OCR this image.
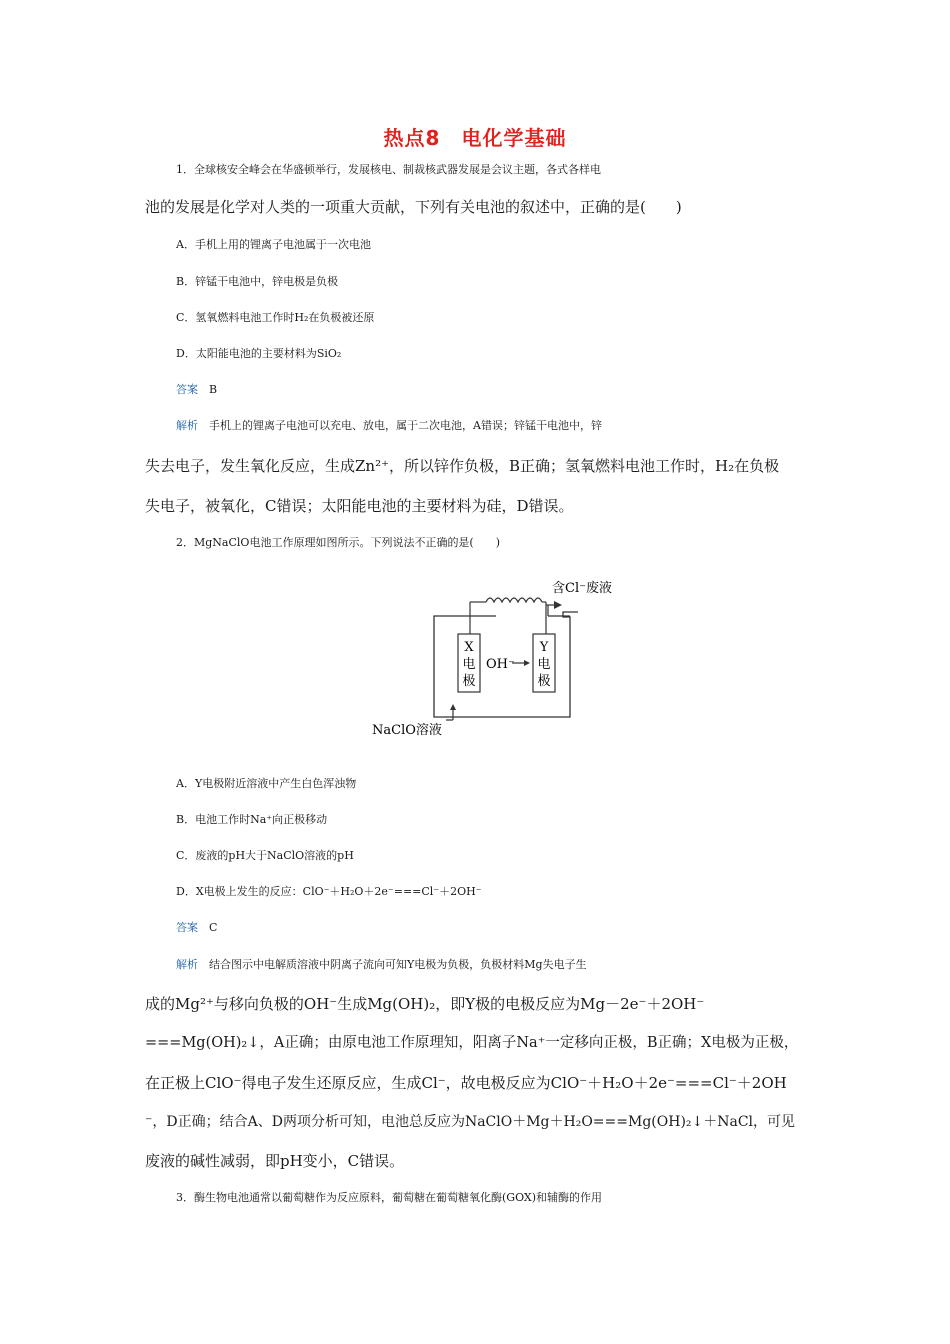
热点8　电化学基础
1．全球核安全峰会在华盛顿举行，发展核电、制裁核武器发展是会议主题，各式各样电
池的发展是化学对人类的一项重大贡献，下列有关电池的叙述中，正确的是(　　)
A．手机上用的锂离子电池属于一次电池
B．锌锰干电池中，锌电极是负极
C．氢氧燃料电池工作时H₂在负极被还原
D．太阳能电池的主要材料为SiO₂
答案　 B
解析　 手机上的锂离子电池可以充电、放电，属于二次电池，A错误；锌锰干电池中，锌
失去电子，发生氧化反应，生成Zn²⁺，所以锌作负极，B正确；氢氧燃料电池工作时，H₂在负极
失电子，被氧化，C错误；太阳能电池的主要材料为硅，D错误。
2．MgNaClO电池工作原理如图所示。下列说法不正确的是(　　)
X
电
极
Y
电
极
OH⁻
NaClO溶液
含Cl⁻废液
A．Y电极附近溶液中产生白色浑浊物
B．电池工作时Na⁺向正极移动
C．废液的pH大于NaClO溶液的pH
D．X电极上发生的反应：ClO⁻＋H₂O＋2e⁻===Cl⁻＋2OH⁻
答案　 C
解析　 结合图示中电解质溶液中阴离子流向可知Y电极为负极，负极材料Mg失电子生
成的Mg²⁺与移向负极的OH⁻生成Mg(OH)₂，即Y极的电极反应为Mg－2e⁻＋2OH⁻
===Mg(OH)₂↓，A正确；由原电池工作原理知，阳离子Na⁺一定移向正极，B正确；X电极为正极，
在正极上ClO⁻得电子发生还原反应，生成Cl⁻，故电极反应为ClO⁻＋H₂O＋2e⁻===Cl⁻＋2OH
⁻，D正确；结合A、D两项分析可知，电池总反应为NaClO＋Mg＋H₂O===Mg(OH)₂↓＋NaCl，可见
废液的碱性减弱，即pH变小，C错误。
3．酶生物电池通常以葡萄糖作为反应原料，葡萄糖在葡萄糖氧化酶(GOX)和辅酶的作用
